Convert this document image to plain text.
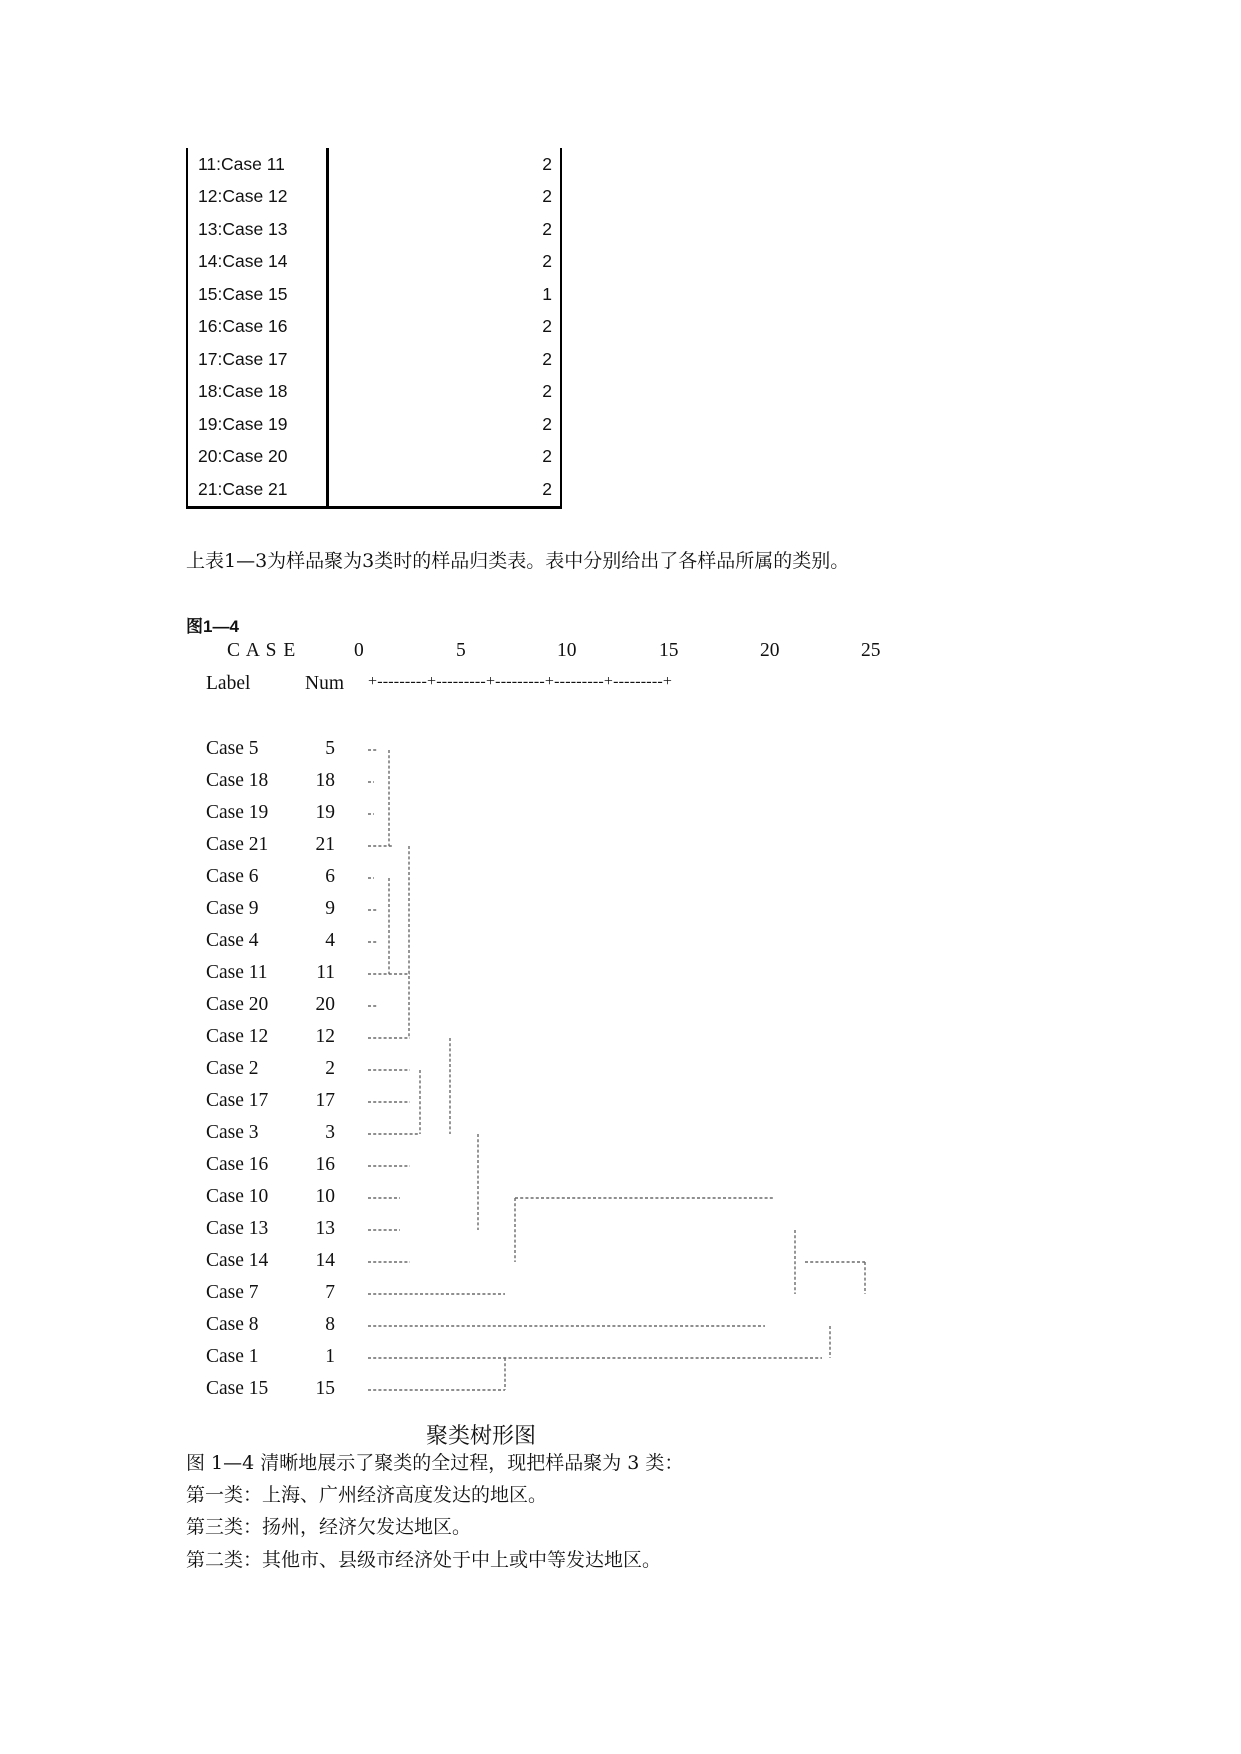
11:Case 11	2
12:Case 12	2
13:Case 13	2
14:Case 14	2
15:Case 15	1
16:Case 16	2
17:Case 17	2
18:Case 18	2
19:Case 19	2
20:Case 20	2
21:Case 21	2
上表1—3为样品聚为3类时的样品归类表。表中分别给出了各样品所属的类别。
图1—4
C A S E
Label	Num
0	5	10	15	20	25
+---------+---------+---------+---------+---------+
Case 5	5
Case 18	18
Case 19	19
Case 21	21
Case 6	6
Case 9	9
Case 4	4
Case 11	11
Case 20	20
Case 12	12
Case 2	2
Case 17	17
Case 3	3
Case 16	16
Case 10	10
Case 13	13
Case 14	14
Case 7	7
Case 8	8
Case 1	1
Case 15	15
聚类树形图
图 1—4 清晰地展示了聚类的全过程，现把样品聚为 3 类：
第一类：上海、广州经济高度发达的地区。
第三类：扬州，经济欠发达地区。
第二类：其他市、县级市经济处于中上或中等发达地区。
